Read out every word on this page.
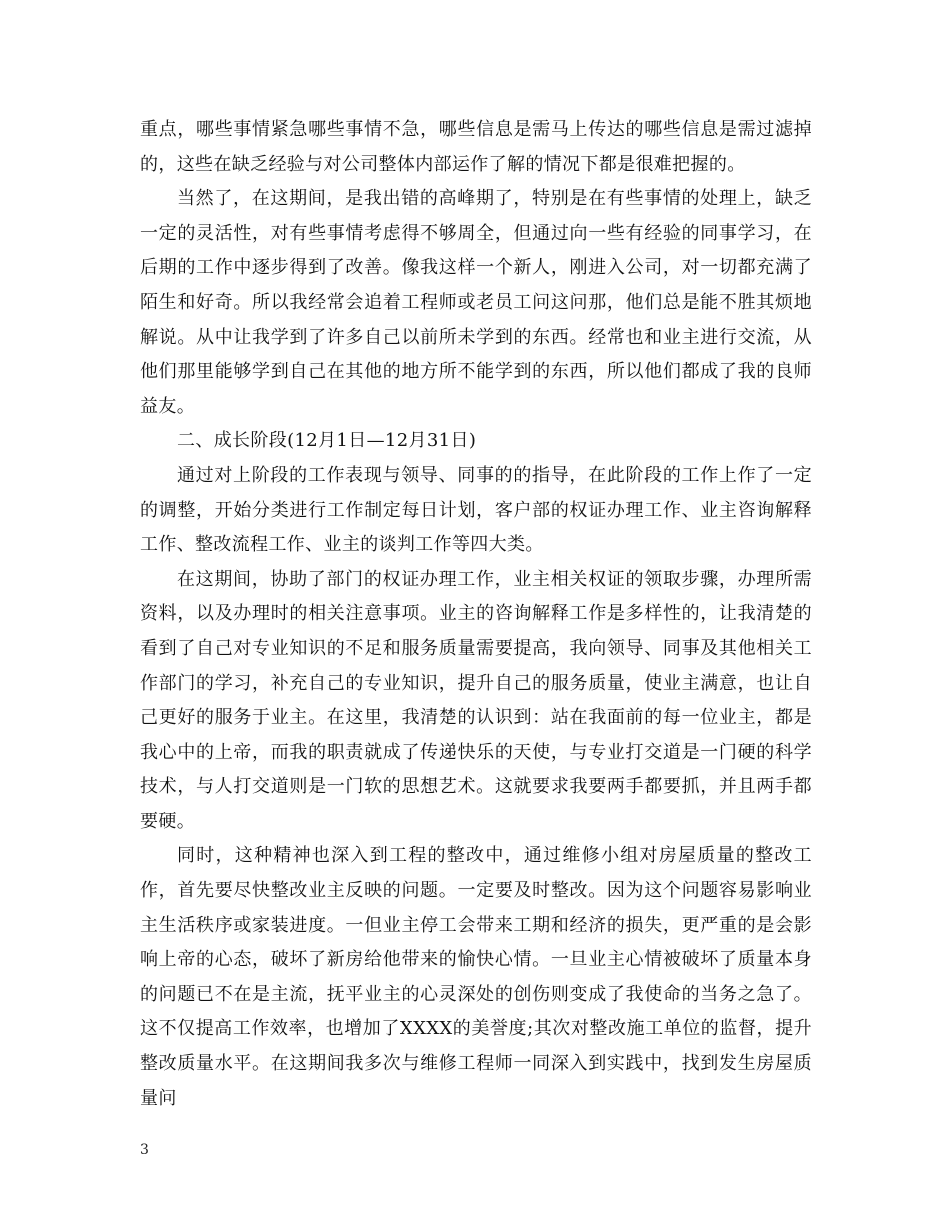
重点，哪些事情紧急哪些事情不急，哪些信息是需马上传达的哪些信息是需过滤掉的，这些在缺乏经验与对公司整体内部运作了解的情况下都是很难把握的。

当然了，在这期间，是我出错的高峰期了，特别是在有些事情的处理上，缺乏一定的灵活性，对有些事情考虑得不够周全，但通过向一些有经验的同事学习，在后期的工作中逐步得到了改善。像我这样一个新人，刚进入公司，对一切都充满了陌生和好奇。所以我经常会追着工程师或老员工问这问那，他们总是能不胜其烦地解说。从中让我学到了许多自己以前所未学到的东西。经常也和业主进行交流，从他们那里能够学到自己在其他的地方所不能学到的东西，所以他们都成了我的良师益友。

二、成长阶段(12月1日—12月31日)

通过对上阶段的工作表现与领导、同事的的指导，在此阶段的工作上作了一定的调整，开始分类进行工作制定每日计划，客户部的权证办理工作、业主咨询解释工作、整改流程工作、业主的谈判工作等四大类。

在这期间，协助了部门的权证办理工作，业主相关权证的领取步骤，办理所需资料，以及办理时的相关注意事项。业主的咨询解释工作是多样性的，让我清楚的看到了自己对专业知识的不足和服务质量需要提高，我向领导、同事及其他相关工作部门的学习，补充自己的专业知识，提升自己的服务质量，使业主满意，也让自己更好的服务于业主。在这里，我清楚的认识到：站在我面前的每一位业主，都是我心中的上帝，而我的职责就成了传递快乐的天使，与专业打交道是一门硬的科学技术，与人打交道则是一门软的思想艺术。这就要求我要两手都要抓，并且两手都要硬。

同时，这种精神也深入到工程的整改中，通过维修小组对房屋质量的整改工作，首先要尽快整改业主反映的问题。一定要及时整改。因为这个问题容易影响业主生活秩序或家装进度。一但业主停工会带来工期和经济的损失，更严重的是会影响上帝的心态，破坏了新房给他带来的愉快心情。一旦业主心情被破坏了质量本身的问题已不在是主流，抚平业主的心灵深处的创伤则变成了我使命的当务之急了。这不仅提高工作效率，也增加了XXXX的美誉度;其次对整改施工单位的监督，提升整改质量水平。在这期间我多次与维修工程师一同深入到实践中，找到发生房屋质量问

3
